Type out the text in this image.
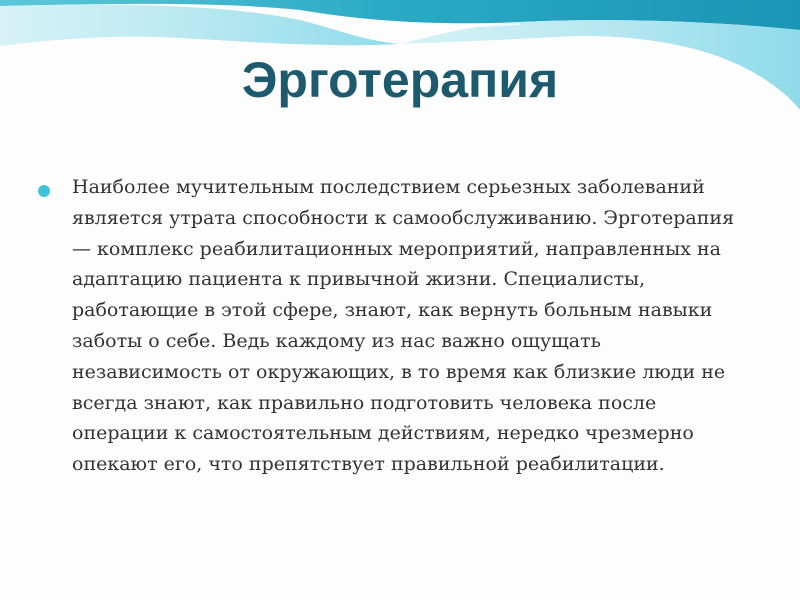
Эрготерапия
Наиболее мучительным последствием серьезных заболеваний является утрата способности к самообслуживанию. Эрготерапия — комплекс реабилитационных мероприятий, направленных на адаптацию пациента к привычной жизни. Специалисты, работающие в этой сфере, знают, как вернуть больным навыки заботы о себе. Ведь каждому из нас важно ощущать независимость от окружающих, в то время как близкие люди не всегда знают, как правильно подготовить человека после операции к самостоятельным действиям, нередко чрезмерно опекают его, что препятствует правильной реабилитации.
